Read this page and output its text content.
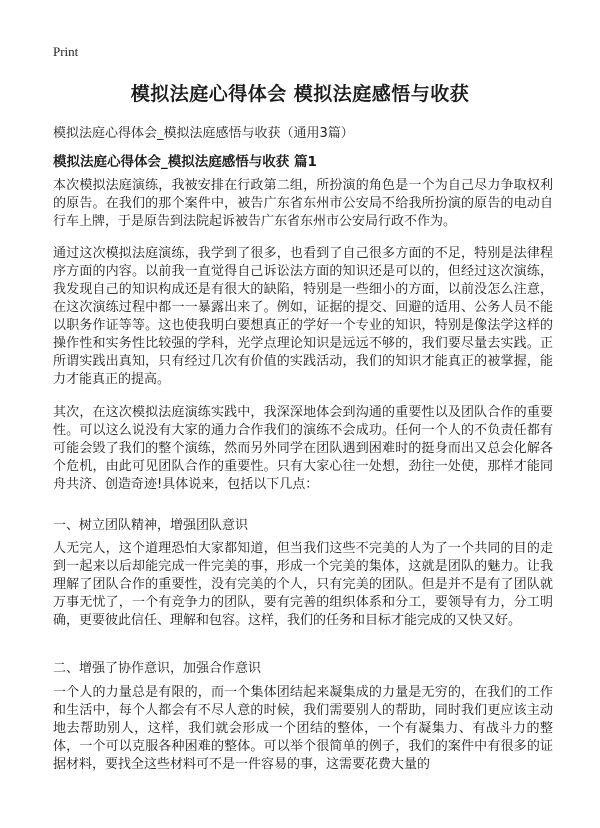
Print
模拟法庭心得体会 模拟法庭感悟与收获

模拟法庭心得体会_模拟法庭感悟与收获（通用3篇）

模拟法庭心得体会_模拟法庭感悟与收获 篇1

本次模拟法庭演练，我被安排在行政第二组，所扮演的角色是一个为自己尽力争取权利的原告。在我们的那个案件中，被告广东省东州市公安局不给我所扮演的原告的电动自行车上牌，于是原告到法院起诉被告广东省东州市公安局行政不作为。

通过这次模拟法庭演练，我学到了很多，也看到了自己很多方面的不足，特别是法律程序方面的内容。以前我一直觉得自己诉讼法方面的知识还是可以的，但经过这次演练，我发现自己的知识构成还是有很大的缺陷，特别是一些细小的方面，以前没怎么注意，在这次演练过程中都一一暴露出来了。例如，证据的提交、回避的适用、公务人员不能以职务作证等等。这也使我明白要想真正的学好一个专业的知识，特别是像法学这样的操作性和实务性比较强的学科，光学点理论知识是远远不够的，我们要尽量去实践。正所谓实践出真知，只有经过几次有价值的实践活动，我们的知识才能真正的被掌握，能力才能真正的提高。

其次，在这次模拟法庭演练实践中，我深深地体会到沟通的重要性以及团队合作的重要性。可以这么说没有大家的通力合作我们的演练不会成功。任何一个人的不负责任都有可能会毁了我们的整个演练，然而另外同学在团队遇到困难时的挺身而出又总会化解各个危机，由此可见团队合作的重要性。只有大家心往一处想，劲往一处使，那样才能同舟共济、创造奇迹!具体说来，包括以下几点：

一、树立团队精神，增强团队意识

人无完人，这个道理恐怕大家都知道，但当我们这些不完美的人为了一个共同的目的走到一起来以后却能完成一件完美的事，形成一个完美的集体，这就是团队的魅力。让我理解了团队合作的重要性，没有完美的个人，只有完美的团队。但是并不是有了团队就万事无忧了，一个有竞争力的团队，要有完善的组织体系和分工，要领导有力，分工明确，更要彼此信任、理解和包容。这样，我们的任务和目标才能完成的又快又好。

二、增强了协作意识，加强合作意识

一个人的力量总是有限的，而一个集体团结起来凝集成的力量是无穷的，在我们的工作和生活中，每个人都会有不尽人意的时候，我们需要别人的帮助，同时我们更应该主动地去帮助别人，这样，我们就会形成一个团结的整体，一个有凝集力、有战斗力的整体，一个可以克服各种困难的整体。可以举个很简单的例子，我们的案件中有很多的证据材料，要找全这些材料可不是一件容易的事，这需要花费大量的
